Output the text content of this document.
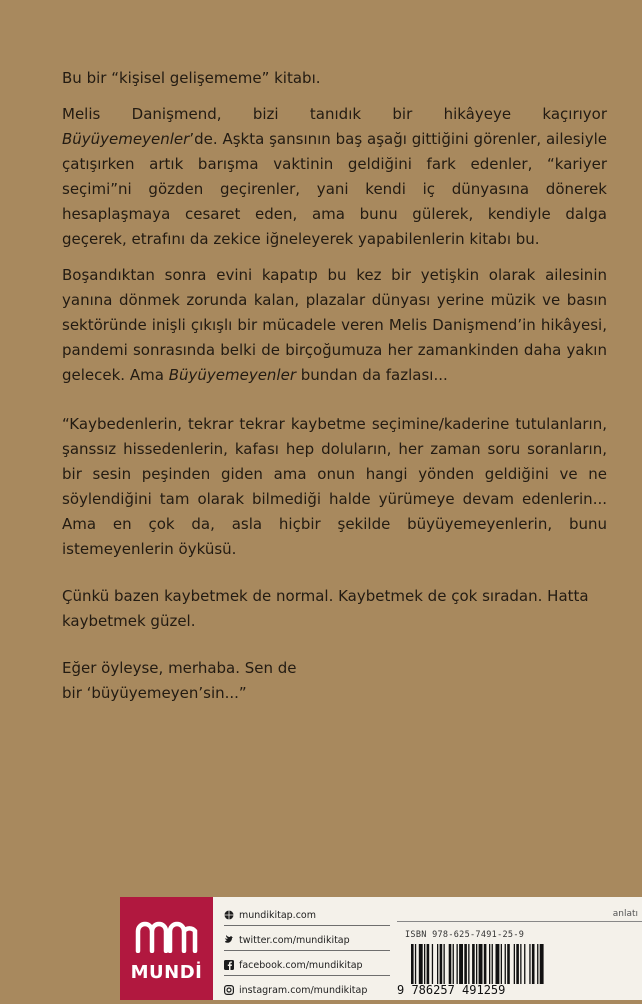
Bu bir “kişisel gelişememe” kitabı.

Melis Danişmend, bizi tanıdık bir hikâyeye kaçırıyor Büyüyemeyenler’de. Aşkta şansının baş aşağı gittiğini görenler, ailesiyle çatışırken artık barışma vaktinin geldiğini fark edenler, “kariyer seçimi”ni gözden geçirenler, yani kendi iç dünyasına dönerek hesaplaşmaya cesaret eden, ama bunu gülerek, kendiyle dalga geçerek, etrafını da zekice iğneleyerek yapabilenlerin kitabı bu.

Boşandıktan sonra evini kapatıp bu kez bir yetişkin olarak ailesinin yanına dönmek zorunda kalan, plazalar dünyası yerine müzik ve basın sektöründe inişli çıkışlı bir mücadele veren Melis Danişmend’in hikâyesi, pandemi sonrasında belki de birçoğumuza her zamankinden daha yakın gelecek. Ama Büyüyemeyenler bundan da fazlası...

“Kaybedenlerin, tekrar tekrar kaybetme seçimine/kaderine tutulanların, şanssız hissedenlerin, kafası hep doluların, her zaman soru soranların, bir sesin peşinden giden ama onun hangi yönden geldiğini ve ne söylendiğini tam olarak bilmediği halde yürümeye devam edenlerin... Ama en çok da, asla hiçbir şekilde büyüyemeyenlerin, bunu istemeyenlerin öyküsü.

Çünkü bazen kaybetmek de normal. Kaybetmek de çok sıradan. Hatta kaybetmek güzel.

Eğer öyleyse, merhaba. Sen de bir ‘büyüyemeyen’sin...”

MUNDİ
mundikitap.com
twitter.com/mundikitap
facebook.com/mundikitap
instagram.com/mundikitap
anlatı
ISBN 978-625-7491-25-9
9 786257 491259
